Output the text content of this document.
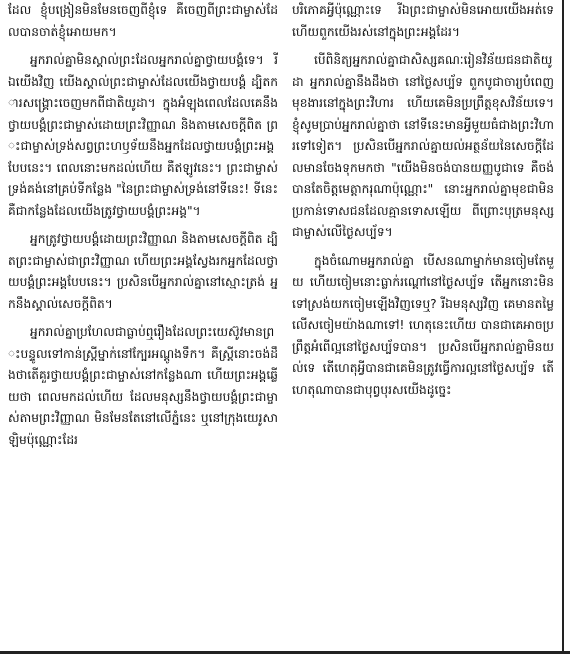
ដែល ខ្ញុំបង្រៀនមិនមែនចេញពីខ្ញុំទេ គឺចេញពីព្រះជាម្ចាស់ដែលបានចាត់ខ្ញុំអោយមក។

អ្នករាល់គ្នាមិនស្គាល់ព្រះដែលអ្នករាល់គ្នាថ្វាយបង្គំទេ។ រីឯយើងវិញ យើងស្គាល់ព្រះជាម្ចាស់ដែលយើងថ្វាយបង្គំ ដ្បិតការសង្គ្រោះចេញមកពីជាតិយូដា។ ក្នុងអំឡុងពេលដែលគេនឹងថ្វាយបង្គំព្រះជាម្ចាស់ដោយព្រះវិញ្ញាណ និងតាមសេចក្ដីពិត ព្រះជាម្ចាស់ទ្រង់សព្វព្រះហឫទ័យនឹងអ្នកដែលថ្វាយបង្គំព្រះអង្គបែបនេះ។ ពេលនោះមកដល់ហើយ គឺឥឡូវនេះ។ ព្រះជាម្ចាស់ទ្រង់គង់នៅគ្រប់ទីកន្លែង "នៃព្រះជាម្ចាស់ទ្រង់នៅទីនេះ! ទីនេះគឺជាកន្លែងដែលយើងត្រូវថ្វាយបង្គំព្រះអង្គ"។

អ្នកត្រូវថ្វាយបង្គំដោយព្រះវិញ្ញាណ និងតាមសេចក្ដីពិត ដ្បិតព្រះជាម្ចាស់ជាព្រះវិញ្ញាណ ហើយព្រះអង្គស្វែងរកអ្នកដែលថ្វាយបង្គំព្រះអង្គបែបនេះ។ ប្រសិនបើអ្នករាល់គ្នានៅស្មោះត្រង់ អ្នកនឹងស្គាល់សេចក្ដីពិត។

អ្នករាល់គ្នាប្រហែលជាធ្លាប់ឮរឿងដែលព្រះយេស៊ូវមានព្រះបន្ទូលទៅកាន់ស្ត្រីម្នាក់នៅក្បែរអណ្ដូងទឹក។ គឺស្ត្រីនោះចង់ដឹងថាតើគួរថ្វាយបង្គំព្រះជាម្ចាស់នៅកន្លែងណា ហើយព្រះអង្គឆ្លើយថា ពេលមកដល់ហើយ ដែលមនុស្សនឹងថ្វាយបង្គំព្រះជាម្ចាស់តាមព្រះវិញ្ញាណ មិនមែនតែនៅលើភ្នំនេះ ឬនៅក្រុងយេរូសាឡិមប៉ុណ្ណោះដែរ

បរិភោគអ្វីប៉ុណ្ណោះទេ រីឯព្រះជាម្ចាស់មិនអោយយើងអត់ទេ ហើយពួកយើងរស់នៅក្នុងព្រះអង្គដែរ។

បើពិនិត្យអ្នករាល់គ្នាជាសិស្សគណៈរៀនវិន័យជនជាតិយូដា អ្នករាល់គ្នានឹងដឹងថា នៅថ្ងៃសប្ប័ទ ពួកបូជាចារ្យបំពេញមុខងារនៅក្នុងព្រះវិហារ ហើយគេមិនប្រព្រឹត្តខុសវិន័យទេ។ ខ្ញុំសូមប្រាប់អ្នករាល់គ្នាថា នៅទីនេះមានអ្វីមួយធំជាងព្រះវិហារទៅទៀត។ ប្រសិនបើអ្នករាល់គ្នាយល់អត្ថន័យនៃសេចក្ដីដែលមានចែងទុកមកថា "យើងមិនចង់បានយញ្ញបូជាទេ គឺចង់បានតែចិត្តមេត្តាករុណាប៉ុណ្ណោះ" នោះអ្នករាល់គ្នាមុខជាមិនប្រកាន់ទោសជនដែលគ្មានទោសឡើយ ពីព្រោះបុត្រមនុស្សជាម្ចាស់លើថ្ងៃសប្ប័ទ។

ក្នុងចំណោមអ្នករាល់គ្នា បើសនណាម្នាក់មានចៀមតែមួយ ហើយចៀមនោះធ្លាក់រណ្ដៅនៅថ្ងៃសប្ប័ទ តើអ្នកនោះមិនទៅស្រង់យកចៀមឡើងវិញទេឬ? រីឯមនុស្សវិញ គេមានតម្លៃលើសចៀមយ៉ាងណាទៅ! ហេតុនេះហើយ បានជាគេអាចប្រព្រឹត្តអំពើល្អនៅថ្ងៃសប្ប័ទបាន។ ប្រសិនបើអ្នករាល់គ្នាមិនយល់ទេ តើហេតុអ្វីបានជាគេមិនត្រូវធ្វើការល្អនៅថ្ងៃសប្ប័ទ តើហេតុណាបានជាបុព្វបុរសយើងដូច្នេះ
